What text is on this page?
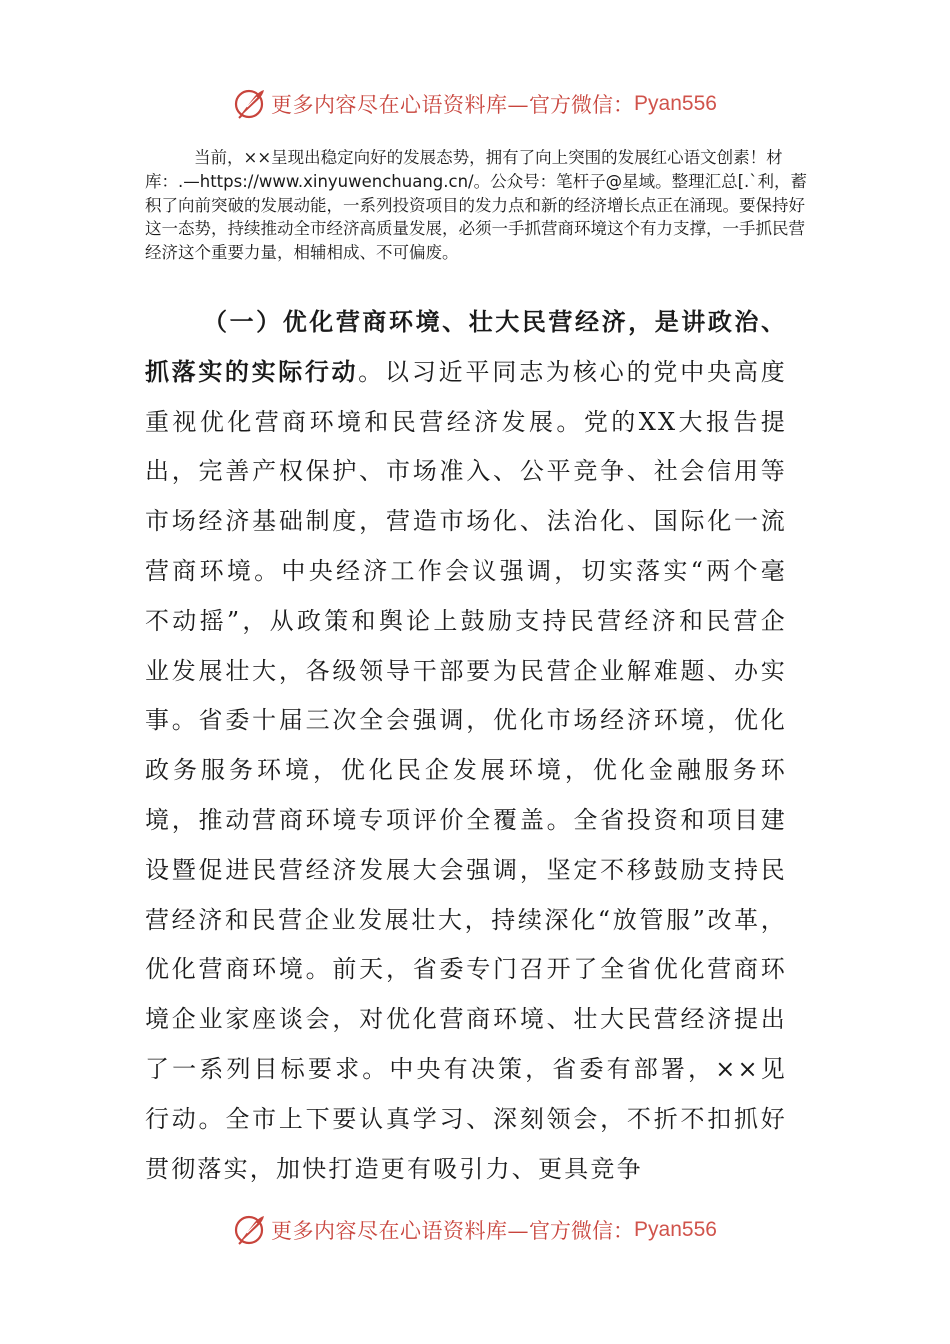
更多内容尽在心语资料库— 官方微信： Pyan556

当前，××呈现出稳定向好的发展态势，拥有了向上突围的发展红心语文创素！材库：.—https://www.xinyuwenchuang.cn/。公众号：笔杆子@星域。整理汇总[.`利，蓄积了向前突破的发展动能，一系列投资项目的发力点和新的经济增长点正在涌现。要保持好这一态势，持续推动全市经济高质量发展，必须一手抓营商环境这个有力支撑，一手抓民营经济这个重要力量，相辅相成、不可偏废。

（一）优化营商环境、壮大民营经济，是讲政治、抓落实的实际行动。以习近平同志为核心的党中央高度重视优化营商环境和民营经济发展。党的XX大报告提出，完善产权保护、市场准入、公平竞争、社会信用等市场经济基础制度，营造市场化、法治化、国际化一流营商环境。中央经济工作会议强调，切实落实“两个毫不动摇”，从政策和舆论上鼓励支持民营经济和民营企业发展壮大，各级领导干部要为民营企业解难题、办实事。省委十届三次全会强调，优化市场经济环境，优化政务服务环境，优化民企发展环境，优化金融服务环境，推动营商环境专项评价全覆盖。全省投资和项目建设暨促进民营经济发展大会强调，坚定不移鼓励支持民营经济和民营企业发展壮大，持续深化“放管服”改革，优化营商环境。前天，省委专门召开了全省优化营商环境企业家座谈会，对优化营商环境、壮大民营经济提出了一系列目标要求。中央有决策，省委有部署，××见行动。全市上下要认真学习、深刻领会，不折不扣抓好贯彻落实，加快打造更有吸引力、更具竞争

更多内容尽在心语资料库— 官方微信： Pyan556
